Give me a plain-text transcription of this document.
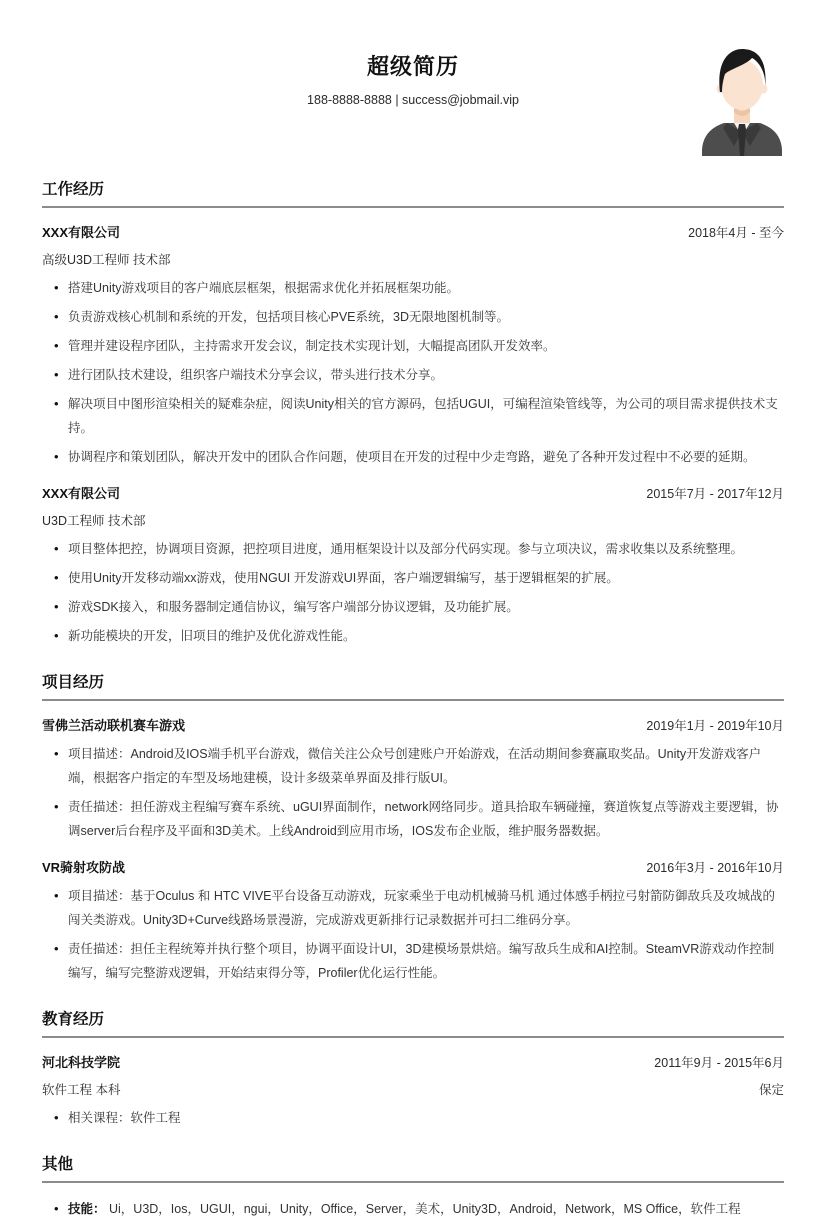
超级简历
188-8888-8888 | success@jobmail.vip
工作经历
XXX有限公司	2018年4月 - 至今
高级U3D工程师 技术部
• 搭建Unity游戏项目的客户端底层框架，根据需求优化并拓展框架功能。
• 负责游戏核心机制和系统的开发，包括项目核心PVE系统，3D无限地图机制等。
• 管理并建设程序团队，主持需求开发会议，制定技术实现计划，大幅提高团队开发效率。
• 进行团队技术建设，组织客户端技术分享会议，带头进行技术分享。
• 解决项目中图形渲染相关的疑难杂症，阅读Unity相关的官方源码，包括UGUI，可编程渲染管线等，为公司的项目需求提供技术支持。
• 协调程序和策划团队，解决开发中的团队合作问题，使项目在开发的过程中少走弯路，避免了各种开发过程中不必要的延期。
XXX有限公司	2015年7月 - 2017年12月
U3D工程师 技术部
• 项目整体把控，协调项目资源，把控项目进度，通用框架设计以及部分代码实现。参与立项决议，需求收集以及系统整理。
• 使用Unity开发移动端xx游戏，使用NGUI 开发游戏UI界面，客户端逻辑编写，基于逻辑框架的扩展。
• 游戏SDK接入，和服务器制定通信协议，编写客户端部分协议逻辑，及功能扩展。
• 新功能模块的开发，旧项目的维护及优化游戏性能。
项目经历
雪佛兰活动联机赛车游戏	2019年1月 - 2019年10月
• 项目描述：Android及IOS端手机平台游戏，微信关注公众号创建账户开始游戏，在活动期间参赛赢取奖品。Unity开发游戏客户端，根据客户指定的车型及场地建模，设计多级菜单界面及排行版UI。
• 责任描述：担任游戏主程编写赛车系统、uGUI界面制作，network网络同步。道具拾取车辆碰撞，赛道恢复点等游戏主要逻辑，协调server后台程序及平面和3D美术。上线Android到应用市场，IOS发布企业版，维护服务器数据。
VR骑射攻防战	2016年3月 - 2016年10月
• 项目描述：基于Oculus 和 HTC VIVE平台设备互动游戏，玩家乘坐于电动机械骑马机 通过体感手柄拉弓射箭防御敌兵及攻城战的闯关类游戏。Unity3D+Curve线路场景漫游，完成游戏更新排行记录数据并可扫二维码分享。
• 责任描述：担任主程统筹并执行整个项目，协调平面设计UI，3D建模场景烘焙。编写敌兵生成和AI控制。SteamVR游戏动作控制编写，编写完整游戏逻辑，开始结束得分等，Profiler优化运行性能。
教育经历
河北科技学院	2011年9月 - 2015年6月
软件工程 本科	保定
• 相关课程：软件工程
其他
• 技能： Ui，U3D，Ios，UGUI，ngui，Unity，Office，Server，美术，Unity3D，Android，Network，MS Office，软件工程
